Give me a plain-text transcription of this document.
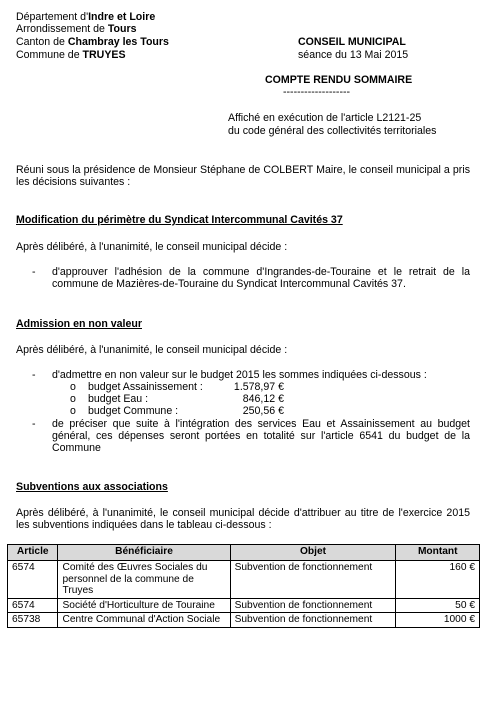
Département d'Indre et Loire
Arrondissement de Tours
Canton de Chambray les Tours
Commune de TRUYES
CONSEIL MUNICIPAL
séance du 13 Mai 2015
COMPTE RENDU SOMMAIRE
-------------------
Affiché en exécution de l'article L2121-25
du code général des collectivités territoriales
Réuni sous la présidence de Monsieur Stéphane de COLBERT Maire, le conseil municipal a pris les décisions suivantes :
Modification du périmètre du Syndicat Intercommunal Cavités 37
Après délibéré, à l'unanimité, le conseil municipal décide :
- d'approuver l'adhésion de la commune d'Ingrandes-de-Touraine et le retrait de la commune de Mazières-de-Touraine du Syndicat Intercommunal Cavités 37.
Admission en non valeur
Après délibéré, à l'unanimité, le conseil municipal décide :
- d'admettre en non valeur sur le budget 2015 les sommes indiquées ci-dessous :
o budget Assainissement :	1.578,97 €
o budget Eau :	846,12 €
o budget Commune :	250,56 €
- de préciser que suite à l'intégration des services Eau et Assainissement au budget général, ces dépenses seront portées en totalité sur l'article 6541 du budget de la Commune
Subventions aux associations
Après délibéré, à l'unanimité, le conseil municipal décide d'attribuer au titre de l'exercice 2015 les subventions indiquées dans le tableau ci-dessous :
Article	Bénéficiaire	Objet	Montant
6574	Comité des Œuvres Sociales du personnel de la commune de Truyes	Subvention de fonctionnement	160 €
6574	Société d'Horticulture de Touraine	Subvention de fonctionnement	50 €
65738	Centre Communal d'Action Sociale	Subvention de fonctionnement	1000 €
